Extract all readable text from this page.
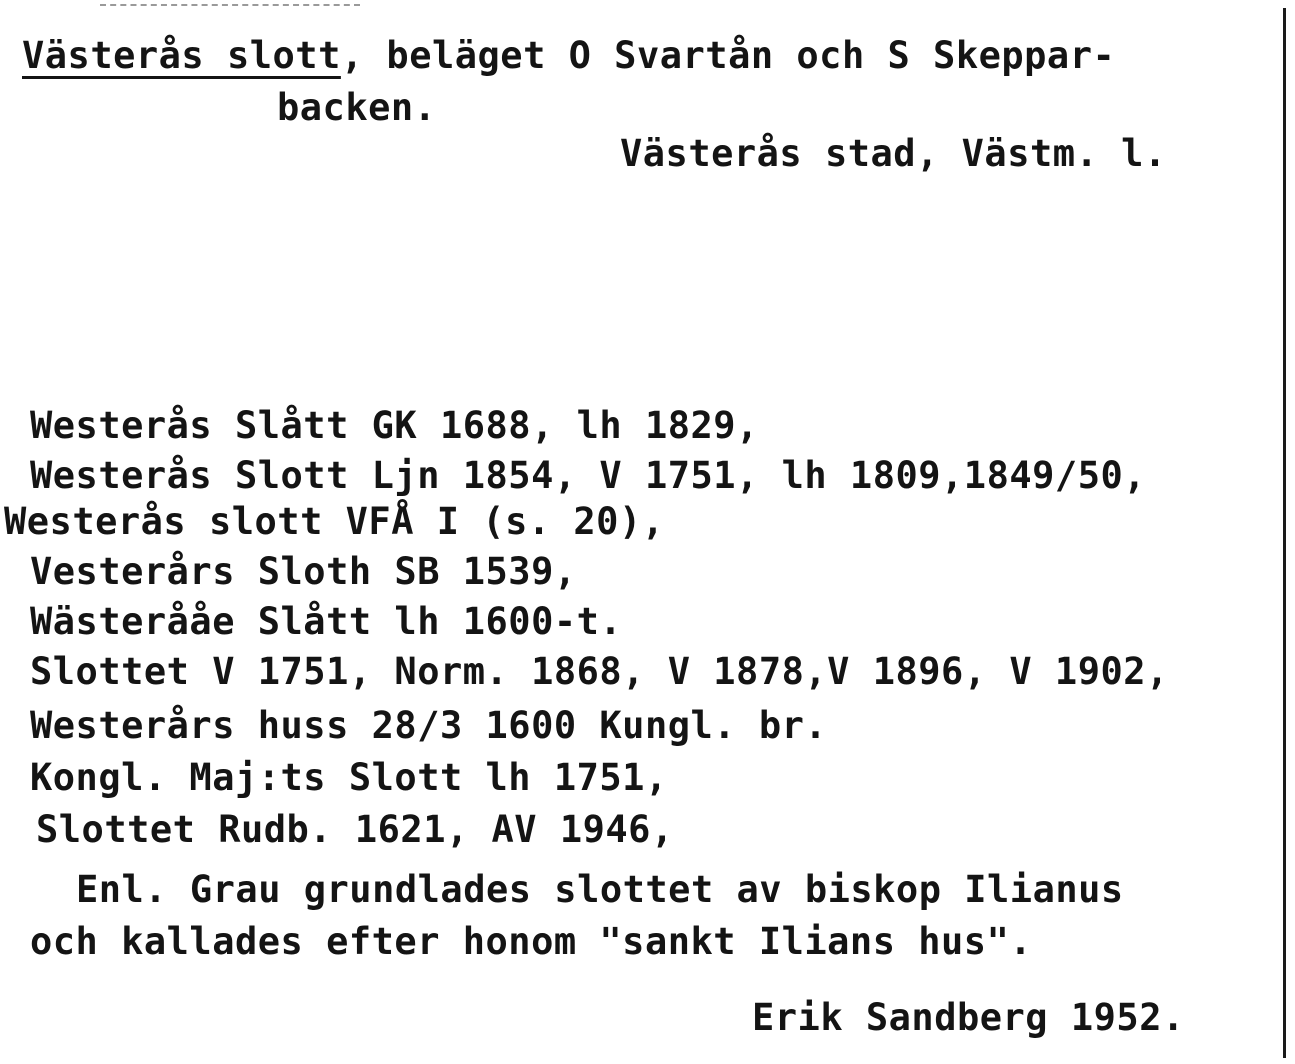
Västerås slott, beläget O Svartån och S Skeppar-
backen.
Västerås stad, Västm. l.
Westerås Slått GK 1688, lh 1829,
Westerås Slott Ljn 1854, V 1751, lh 1809,1849/50,
Westerås slott VFÅ I (s. 20),
Vesterårs Sloth SB 1539,
Wästerååe Slått lh 1600-t.
Slottet V 1751, Norm. 1868, V 1878,V 1896, V 1902,
Westerårs huss 28/3 1600 Kungl. br.
Kongl. Maj:ts Slott lh 1751,
Slottet Rudb. 1621, AV 1946,
Enl. Grau grundlades slottet av biskop Ilianus
och kallades efter honom "sankt Ilians hus".
Erik Sandberg 1952.
